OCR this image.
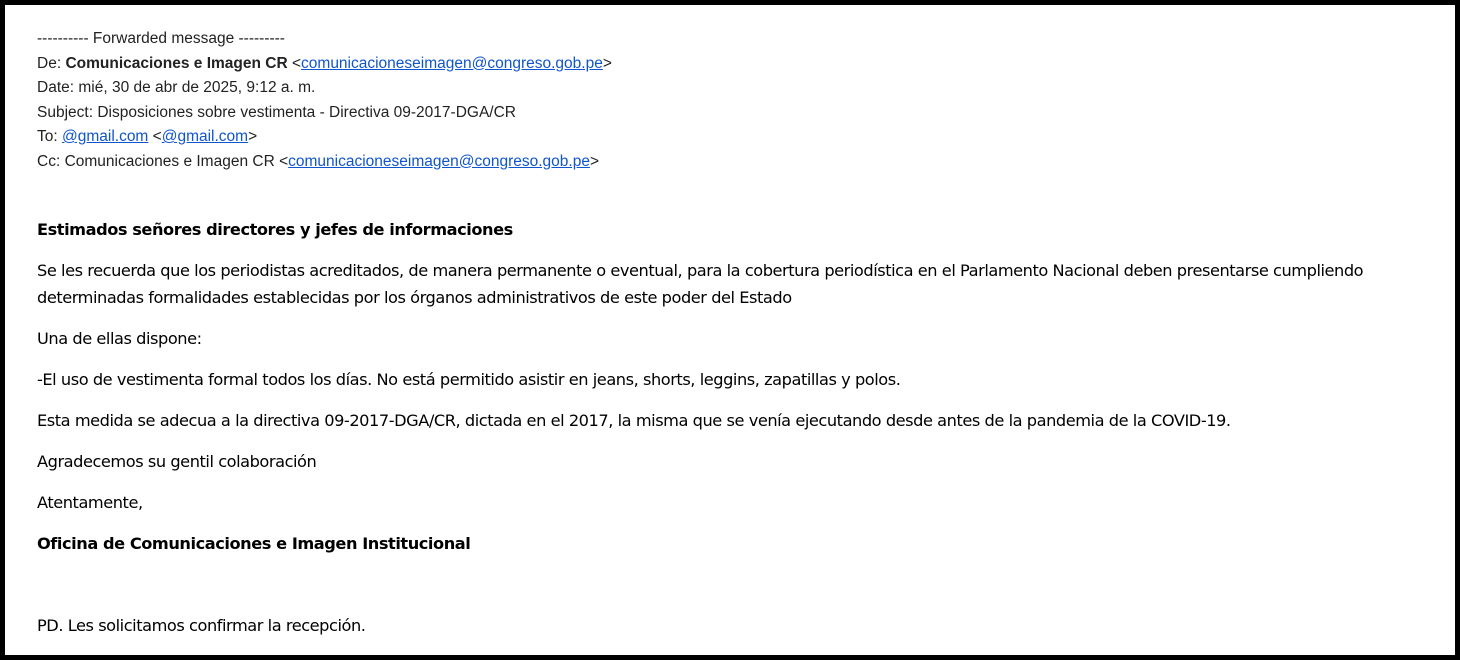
---------- Forwarded message ---------
De: Comunicaciones e Imagen CR <comunicacioneseimagen@congreso.gob.pe>
Date: mié, 30 de abr de 2025, 9:12 a. m.
Subject: Disposiciones sobre vestimenta - Directiva 09-2017-DGA/CR
To: @gmail.com <@gmail.com>
Cc: Comunicaciones e Imagen CR <comunicacioneseimagen@congreso.gob.pe>

Estimados señores directores y jefes de informaciones

Se les recuerda que los periodistas acreditados, de manera permanente o eventual, para la cobertura periodística en el Parlamento Nacional deben presentarse cumpliendo determinadas formalidades establecidas por los órganos administrativos de este poder del Estado

Una de ellas dispone:

-El uso de vestimenta formal todos los días. No está permitido asistir en jeans, shorts, leggins, zapatillas y polos.

Esta medida se adecua a la directiva 09-2017-DGA/CR, dictada en el 2017, la misma que se venía ejecutando desde antes de la pandemia de la COVID-19.

Agradecemos su gentil colaboración

Atentamente,

Oficina de Comunicaciones e Imagen Institucional

PD. Les solicitamos confirmar la recepción.
